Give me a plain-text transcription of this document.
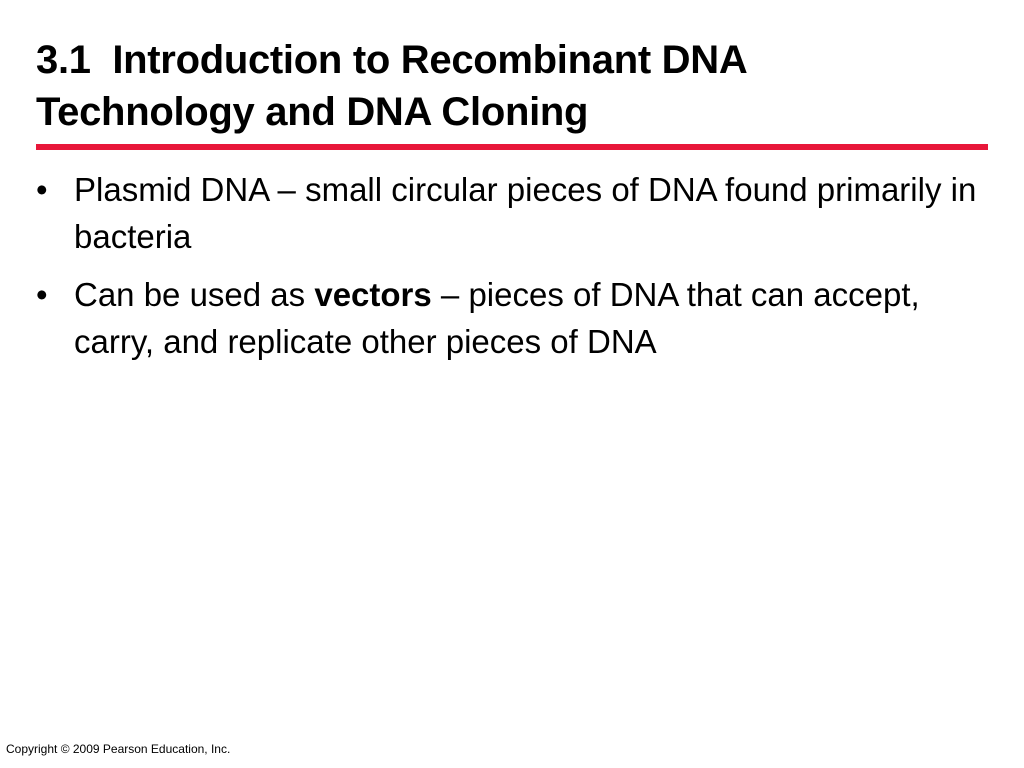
3.1  Introduction to Recombinant DNA
Technology and DNA Cloning
• Plasmid DNA – small circular pieces of DNA found primarily in bacteria
• Can be used as vectors – pieces of DNA that can accept, carry, and replicate other pieces of DNA
Copyright © 2009 Pearson Education, Inc.
